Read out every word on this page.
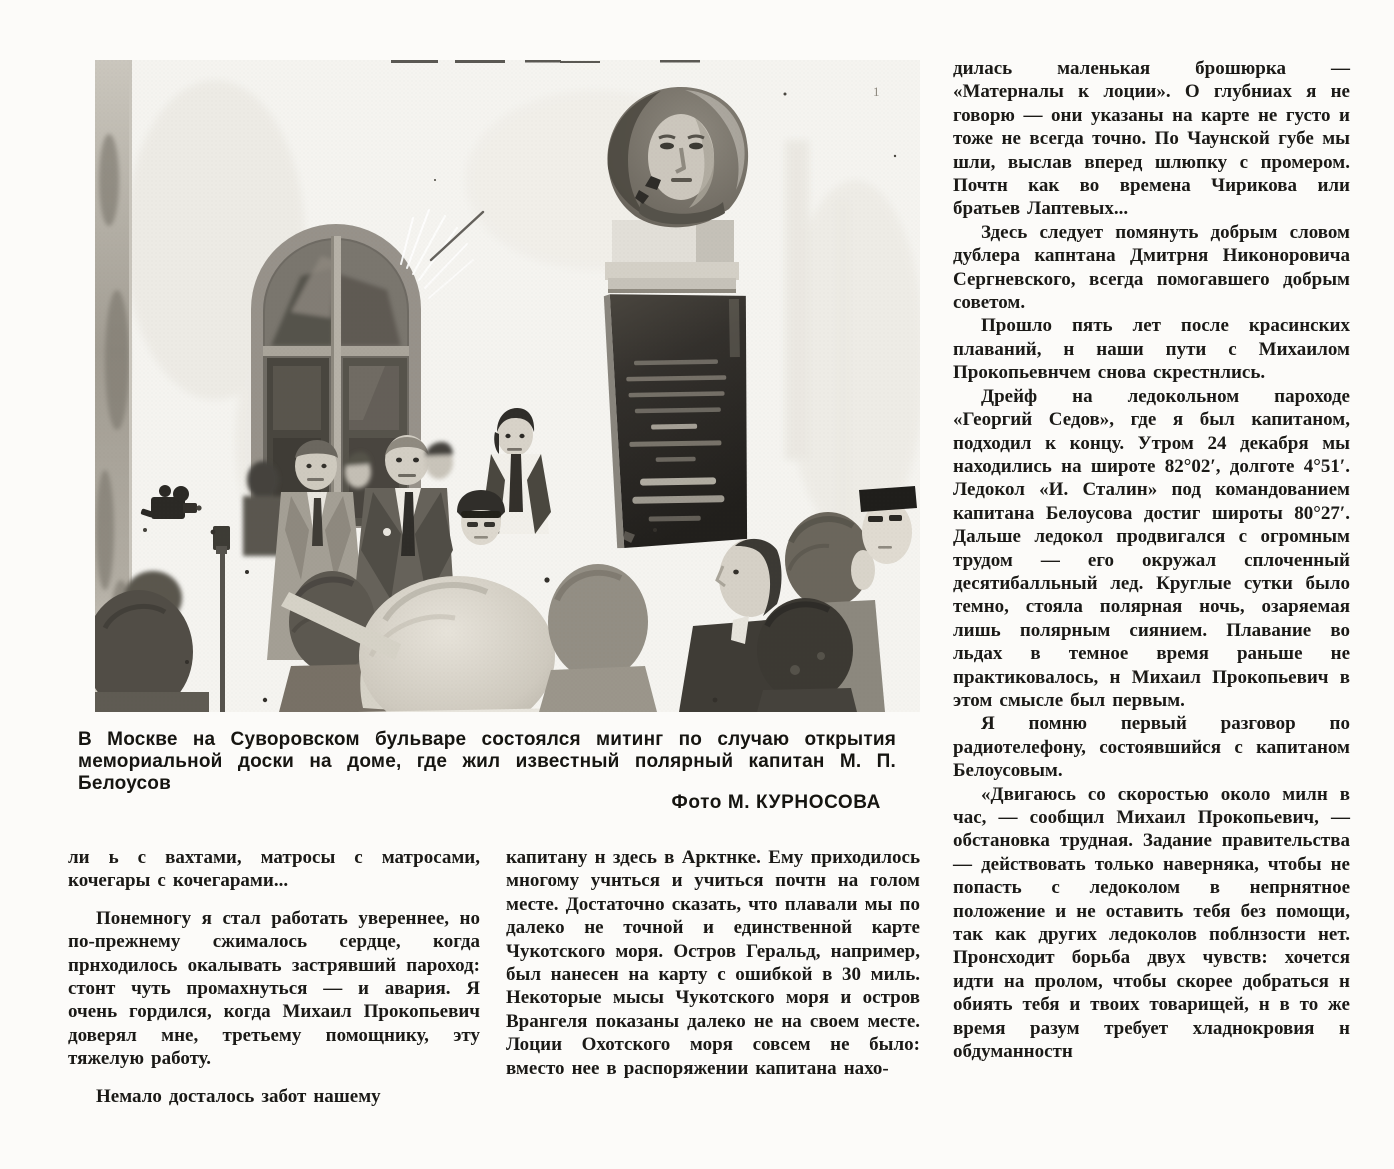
В Москве на Суворовском бульваре состоялся митинг по случаю открытия мемориальной доски на доме, где жил известный полярный капитан М. П. Белоусов
Фото М. КУРНОСОВА

ли ь с вахтами, матросы с матросами, кочегары с кочегарами...

Понемногу я стал работать увереннее, но по-прежнему сжималось сердце, когда прнходилось окалывать застрявший пароход: стонт чуть промахнуться — и авария. Я очень гордился, когда Михаил Прокопьевич доверял мне, третьему помощнику, эту тяжелую работу.

Немало досталось забот нашему

капитану н здесь в Арктнке. Ему приходилось многому учнться и учиться почтн на голом месте. Достаточно сказать, что плавали мы по далеко не точной и единственной карте Чукотского моря. Остров Геральд, например, был нанесен на карту с ошибкой в 30 миль. Некоторые мысы Чукотского моря и остров Врангеля показаны далеко не на своем месте. Лоции Охотского моря совсем не было: вместо нее в распоряжении капитана нахо-

дилась маленькая брошюрка — «Матерналы к лоции». О глубниах я не говорю — они указаны на карте не густо и тоже не всегда точно. По Чаунской губе мы шли, выслав вперед шлюпку с промером. Почтн как во времена Чирикова или братьев Лаптевых...

Здесь следует помянуть добрым словом дублера капнтана Дмитрня Никоноровича Сергневского, всегда помогавшего добрым советом.

Прошло пять лет после красинских плаваний, н наши пути с Михаилом Прокопьевнчем снова скрестнлись.

Дрейф на ледокольном пароходе «Георгий Седов», где я был капитаном, подходил к концу. Утром 24 декабря мы находились на широте 82°02′, долготе 4°51′. Ледокол «И. Сталин» под командованием капитана Белоусова достиг широты 80°27′. Дальше ледокол продвигался с огромным трудом — его окружал сплоченный десятибалльный лед. Круглые сутки было темно, стояла полярная ночь, озаряемая лишь полярным сиянием. Плавание во льдах в темное время раньше не практиковалось, н Михаил Прокопьевич в этом смысле был первым.

Я помню первый разговор по радиотелефону, состоявшийся с капитаном Белоусовым.

«Двигаюсь со скоростью около милн в час, — сообщил Михаил Прокопьевич, — обстановка трудная. Задание правительства — действовать только наверняка, чтобы не попасть с ледоколом в непрнятное положение и не оставить тебя без помощи, так как других ледоколов поблнзости нет. Пронсходит борьба двух чувств: хочется идти на пролом, чтобы скорее добраться н обиять тебя и твоих товарищей, н в то же время разум требует хладнокровия н обдуманностн
